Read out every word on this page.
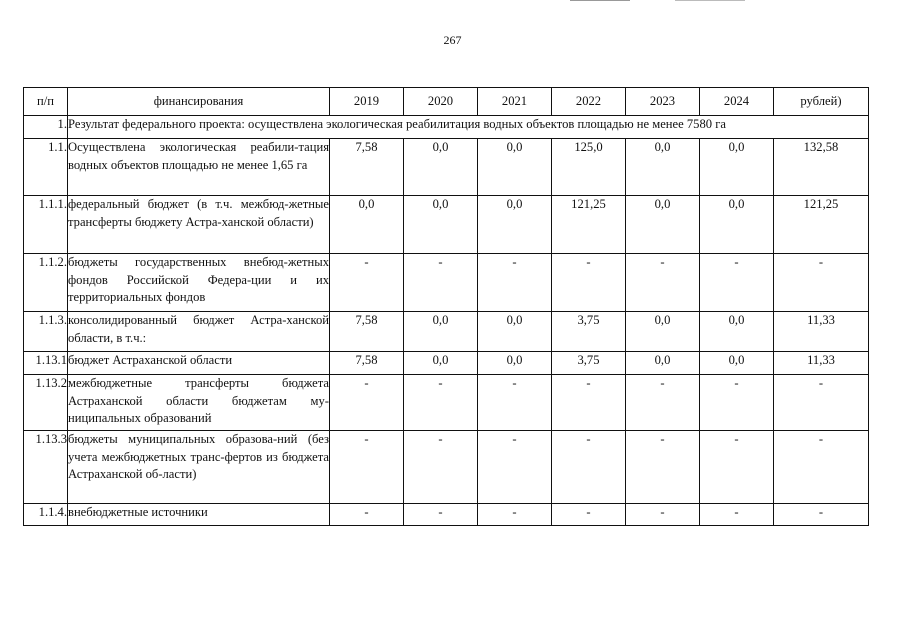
267
п/п	финансирования	2019	2020	2021	2022	2023	2024	рублей)
1.	Результат федерального проекта: осуществлена экологическая реабилитация водных объектов площадью не менее 7580 га							
1.1.	Осуществлена экологическая реабили-тация водных объектов площадью не менее 1,65 га	7,58	0,0	0,0	125,0	0,0	0,0	132,58
1.1.1.	федеральный бюджет (в т.ч. межбюд-жетные трансферты бюджету Астра-ханской области)	0,0	0,0	0,0	121,25	0,0	0,0	121,25
1.1.2.	бюджеты государственных внебюд-жетных фондов Российской Федера-ции и их территориальных фондов	-	-	-	-	-	-	-
1.1.3.	консолидированный бюджет Астра-ханской области, в т.ч.:	7,58	0,0	0,0	3,75	0,0	0,0	11,33
1.13.1	бюджет Астраханской области	7,58	0,0	0,0	3,75	0,0	0,0	11,33
1.13.2	межбюджетные трансферты бюджета Астраханской области бюджетам му-ниципальных образований	-	-	-	-	-	-	-
1.13.3	бюджеты муниципальных образова-ний (без учета межбюджетных транс-фертов из бюджета Астраханской об-ласти)	-	-	-	-	-	-	-
1.1.4.	внебюджетные источники	-	-	-	-	-	-	-
